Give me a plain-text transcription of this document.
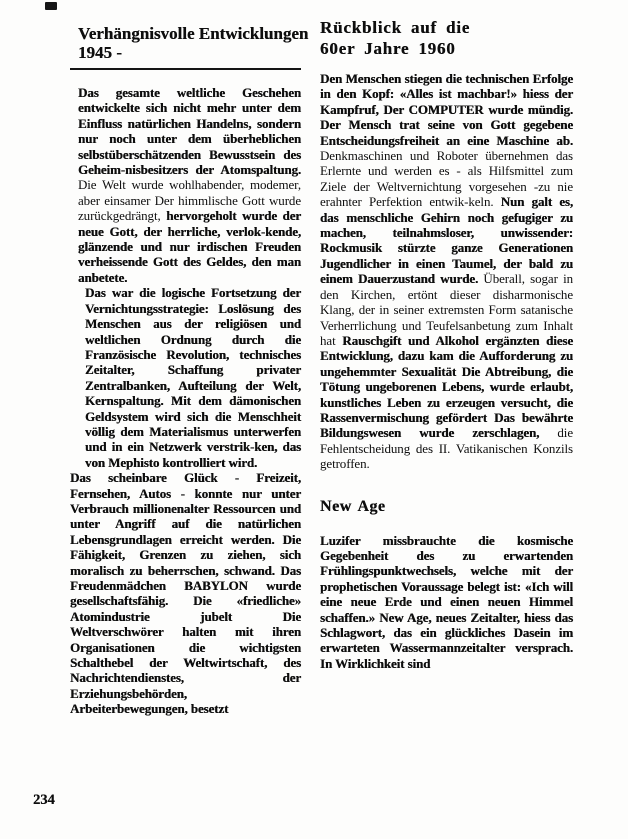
Verhängnisvolle Entwicklungen
1945 -

Das gesamte weltliche Geschehen entwickelte sich nicht mehr unter dem Einfluss natürlichen Handelns, sondern nur noch unter dem überheblichen selbstüberschätzenden Bewusstsein des Geheim-nisbesitzers der Atomspaltung. Die Welt wurde wohlhabender, modemer, aber einsamer Der himmlische Gott wurde zurückgedrängt, hervorgeholt wurde der neue Gott, der herrliche, verlok-kende, glänzende und nur irdischen Freuden verheissende Gott des Geldes, den man anbetete.

Das war die logische Fortsetzung der Vernichtungsstrategie: Loslösung des Menschen aus der religiösen und weltlichen Ordnung durch die Französische Revolution, technisches Zeitalter, Schaffung privater Zentralbanken, Aufteilung der Welt, Kernspaltung. Mit dem dämonischen Geldsystem wird sich die Menschheit völlig dem Materialismus unterwerfen und in ein Netzwerk verstrik-ken, das von Mephisto kontrolliert wird.

Das scheinbare Glück - Freizeit, Fernsehen, Autos - konnte nur unter Verbrauch millionenalter Ressourcen und unter Angriff auf die natürlichen Lebensgrundlagen erreicht werden. Die Fähigkeit, Grenzen zu ziehen, sich moralisch zu beherrschen, schwand. Das Freudenmädchen BABYLON wurde gesellschaftsfähig. Die «friedliche» Atomindustrie jubelt Die Weltverschwörer halten mit ihren Organisationen die wichtigsten Schalthebel der Weltwirtschaft, des Nachrichtendienstes, der Erziehungsbehörden, Arbeiterbewegungen, besetzt

Rückblick auf die
60er Jahre 1960

Den Menschen stiegen die technischen Erfolge in den Kopf: «Alles ist machbar!» hiess der Kampfruf, Der COMPUTER wurde mündig. Der Mensch trat seine von Gott gegebene Entscheidungsfreiheit an eine Maschine ab. Denkmaschinen und Roboter übernehmen das Erlernte und werden es - als Hilfsmittel zum Ziele der Weltvernichtung vorgesehen -zu nie erahnter Perfektion entwik-keln. Nun galt es, das menschliche Gehirn noch gefugiger zu machen, teilnahmsloser, unwissender: Rockmusik stürzte ganze Generationen Jugendlicher in einen Taumel, der bald zu einem Dauerzustand wurde. Überall, sogar in den Kirchen, ertönt dieser disharmonische Klang, der in seiner extremsten Form satanische Verherrlichung und Teufelsanbetung zum Inhalt hat Rauschgift und Alkohol ergänzten diese Entwicklung, dazu kam die Aufforderung zu ungehemmter Sexualität Die Abtreibung, die Tötung ungeborenen Lebens, wurde erlaubt, kunstliches Leben zu erzeugen versucht, die Rassenvermischung gefördert Das bewährte Bildungswesen wurde zerschlagen, die Fehlentscheidung des II. Vatikanischen Konzils getroffen.

New Age

Luzifer missbrauchte die kosmische Gegebenheit des zu erwartenden Frühlingspunktwechsels, welche mit der prophetischen Voraussage belegt ist: «Ich will eine neue Erde und einen neuen Himmel schaffen.» New Age, neues Zeitalter, hiess das Schlagwort, das ein glückliches Dasein im erwarteten Wassermannzeitalter versprach. In Wirklichkeit sind

234
